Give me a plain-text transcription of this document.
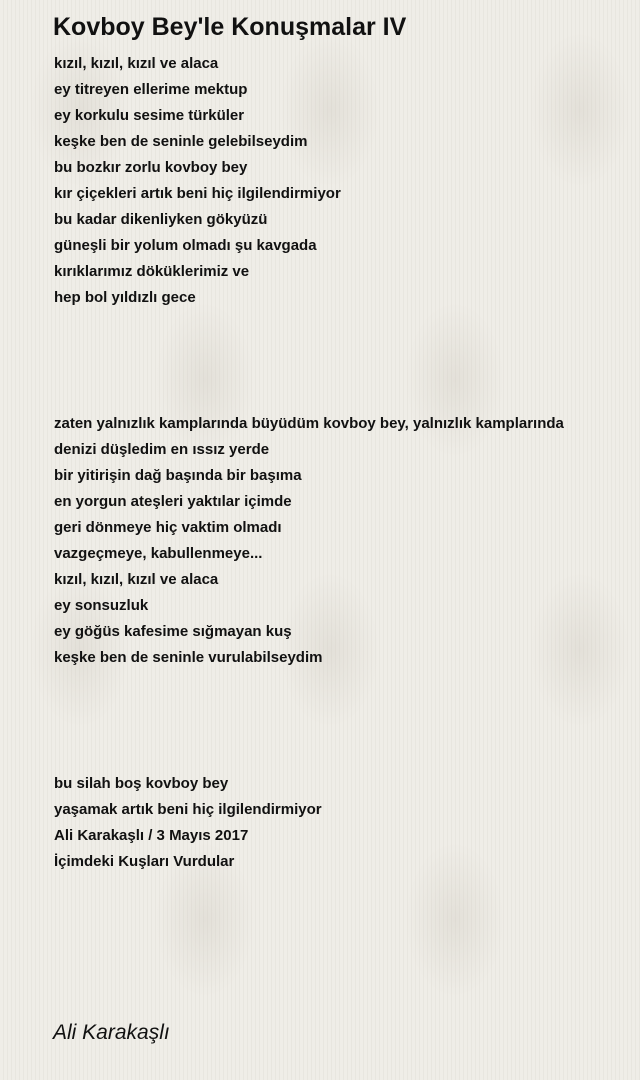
Kovboy Bey'le Konuşmalar IV
kızıl, kızıl, kızıl ve alaca
ey titreyen ellerime mektup
ey korkulu sesime türküler
keşke ben de seninle gelebilseydim
bu bozkır zorlu kovboy bey
kır çiçekleri artık beni hiç ilgilendirmiyor
bu kadar dikenliyken gökyüzü
güneşli bir yolum olmadı şu kavgada
kırıklarımız döküklerimiz ve
hep bol yıldızlı gece
zaten yalnızlık kamplarında büyüdüm kovboy bey, yalnızlık kamplarında
denizi düşledim en ıssız yerde
bir yitirişin dağ başında bir başıma
en yorgun ateşleri yaktılar içimde
geri dönmeye hiç vaktim olmadı
vazgeçmeye, kabullenmeye...
kızıl, kızıl, kızıl ve alaca
ey sonsuzluk
ey göğüs kafesime sığmayan kuş
keşke ben de seninle vurulabilseydim
bu silah boş kovboy bey
yaşamak artık beni hiç ilgilendirmiyor
Ali Karakaşlı / 3 Mayıs 2017
İçimdeki Kuşları Vurdular

Ali Karakaşlı
